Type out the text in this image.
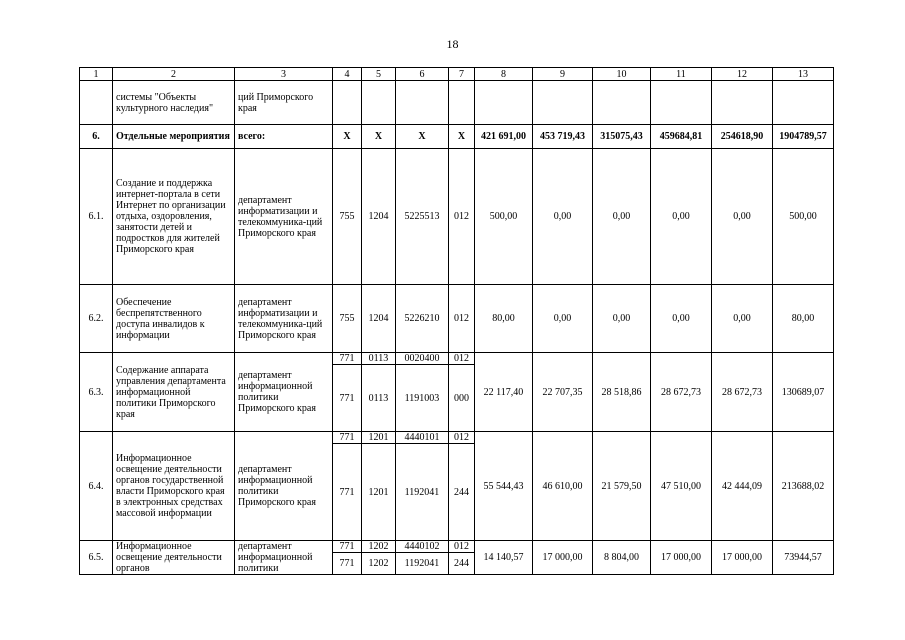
18
1	2	3	4	5	6	7	8	9	10	11	12	13
	системы "Объекты культурного наследия"	ций Приморского края										
6.	Отдельные мероприятия	всего:	Х	Х	Х	Х	421 691,00	453 719,43	315075,43	459684,81	254618,90	1904789,57
6.1.	Создание и поддержка интернет-портала в сети Интернет по организации отдыха, оздоровления, занятости детей и подростков для жителей Приморского края	департамент информатизации и телекоммуника-ций Приморского края	755	1204	5225513	012	500,00	0,00	0,00	0,00	0,00	500,00
6.2.	Обеспечение беспрепятственного доступа инвалидов к информации	департамент информатизации и телекоммуника-ций Приморского края	755	1204	5226210	012	80,00	0,00	0,00	0,00	0,00	80,00
6.3.	Содержание аппарата управления департамента информационной политики Приморского края	департамент информационной политики Приморского края	771	0113	0020400	012	22 117,40	22 707,35	28 518,86	28 672,73	28 672,73	130689,07
			771	0113	1191003	000						
6.4.	Информационное освещение деятельности органов государственной власти Приморского края в электронных средствах массовой информации	департамент информационной политики Приморского края	771	1201	4440101	012	55 544,43	46 610,00	21 579,50	47 510,00	42 444,09	213688,02
			771	1201	1192041	244						
6.5.	Информационное освещение деятельности органов	департамент информационной политики	771	1202	4440102	012	14 140,57	17 000,00	8 804,00	17 000,00	17 000,00	73944,57
			771	1202	1192041	244						
